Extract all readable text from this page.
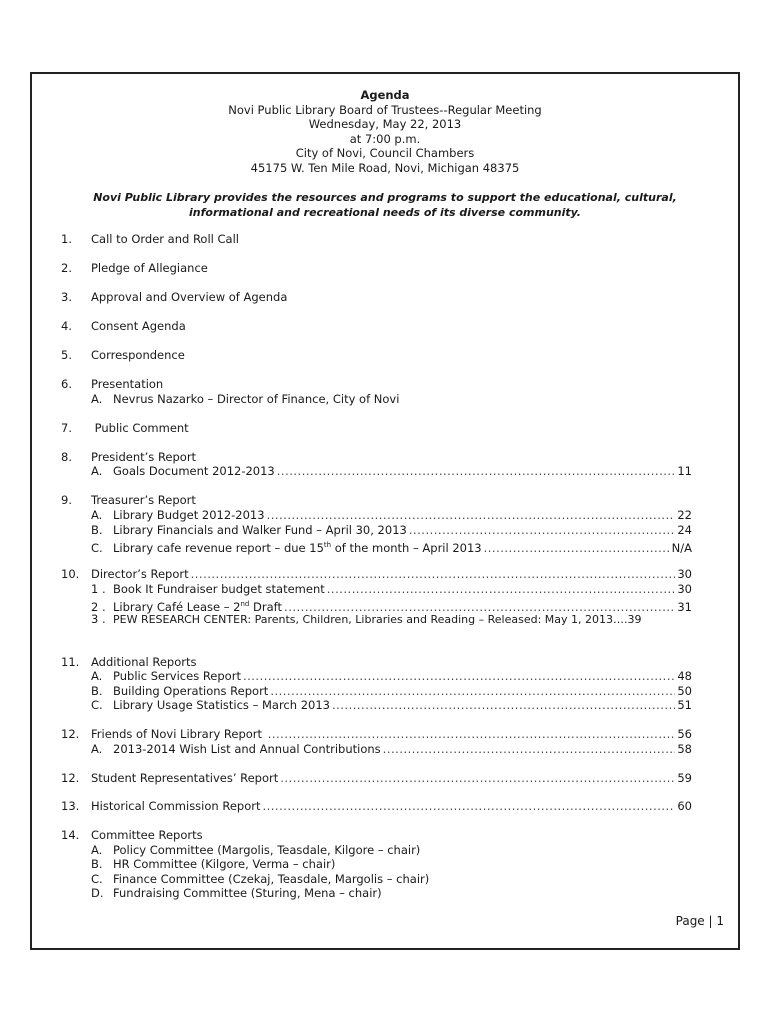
Agenda
Novi Public Library Board of Trustees--Regular Meeting
Wednesday, May 22, 2013
at 7:00 p.m.
City of Novi, Council Chambers
45175 W. Ten Mile Road, Novi, Michigan 48375
Novi Public Library provides the resources and programs to support the educational, cultural,
informational and recreational needs of its diverse community.
1.	Call to Order and Roll Call
2.	Pledge of Allegiance
3.	Approval and Overview of Agenda
4.	Consent Agenda
5.	Correspondence
6.	Presentation
A. Nevrus Nazarko – Director of Finance, City of Novi
7.	Public Comment
8.	President’s Report
A. Goals Document 2012-2013 .....	11
9.	Treasurer’s Report
A. Library Budget 2012-2013 .....	22
B. Library Financials and Walker Fund – April 30, 2013 .....	24
C. Library cafe revenue report – due 15th of the month – April 2013 .....	N/A
10.	Director’s Report .....	30
1 . Book It Fundraiser budget statement .....	30
2 . Library Café Lease – 2nd Draft .....	31
3 . PEW RESEARCH CENTER: Parents, Children, Libraries and Reading – Released: May 1, 2013….39
11.	Additional Reports
A. Public Services Report .....	48
B. Building Operations Report .....	50
C. Library Usage Statistics – March 2013 .....	51
12.	Friends of Novi Library Report .....	56
A. 2013-2014 Wish List and Annual Contributions .....	58
12.	Student Representatives’ Report .....	59
13.	Historical Commission Report .....	60
14.	Committee Reports
A. Policy Committee (Margolis, Teasdale, Kilgore – chair)
B. HR Committee (Kilgore, Verma – chair)
C. Finance Committee (Czekaj, Teasdale, Margolis – chair)
D. Fundraising Committee (Sturing, Mena – chair)
Page | 1
